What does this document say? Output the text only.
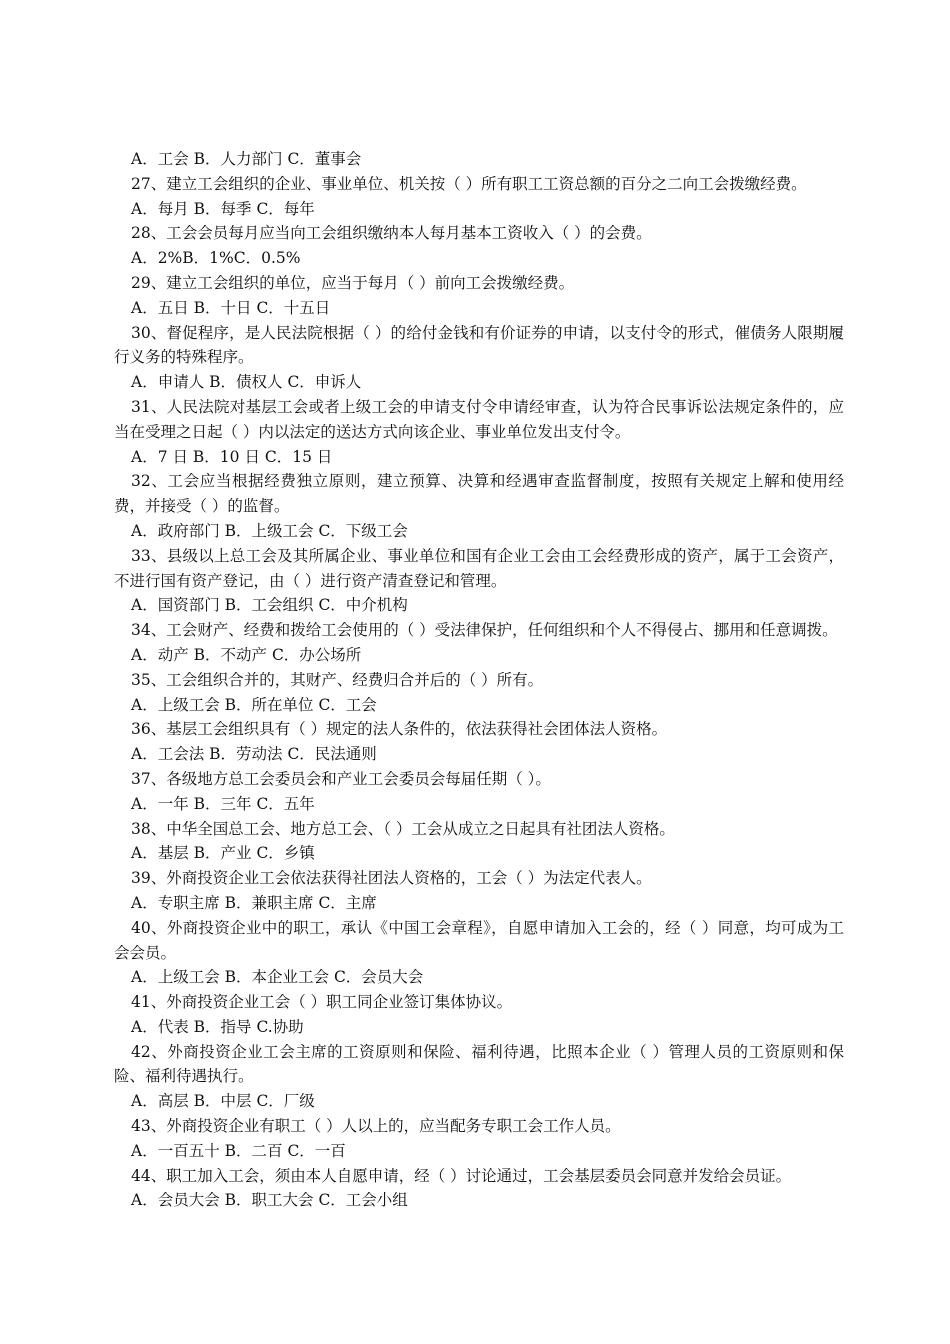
A．工会 B．人力部门 C．董事会
27、建立工会组织的企业、事业单位、机关按（ ）所有职工工资总额的百分之二向工会拨缴经费。
A．每月 B．每季 C．每年
28、工会会员每月应当向工会组织缴纳本人每月基本工资收入（ ）的会费。
A．2%B．1%C．0.5%
29、建立工会组织的单位，应当于每月（ ）前向工会拨缴经费。
A．五日 B．十日 C．十五日
30、督促程序，是人民法院根据（ ）的给付金钱和有价证券的申请，以支付令的形式，催债务人限期履行义务的特殊程序。
A．申请人 B．债权人 C．申诉人
31、人民法院对基层工会或者上级工会的申请支付令申请经审查，认为符合民事诉讼法规定条件的，应当在受理之日起（ ）内以法定的送达方式向该企业、事业单位发出支付令。
A．7 日 B．10 日 C．15 日
32、工会应当根据经费独立原则，建立预算、决算和经遇审查监督制度，按照有关规定上解和使用经费，并接受（ ）的监督。
A．政府部门 B．上级工会 C．下级工会
33、县级以上总工会及其所属企业、事业单位和国有企业工会由工会经费形成的资产，属于工会资产，不进行国有资产登记，由（ ）进行资产清查登记和管理。
A．国资部门 B．工会组织 C．中介机构
34、工会财产、经费和拨给工会使用的（ ）受法律保护，任何组织和个人不得侵占、挪用和任意调拨。
A．动产 B．不动产 C．办公场所
35、工会组织合并的，其财产、经费归合并后的（ ）所有。
A．上级工会 B．所在单位 C．工会
36、基层工会组织具有（ ）规定的法人条件的，依法获得社会团体法人资格。
A．工会法 B．劳动法 C．民法通则
37、各级地方总工会委员会和产业工会委员会每届任期（ ）。
A．一年 B．三年 C．五年
38、中华全国总工会、地方总工会、（ ）工会从成立之日起具有社团法人资格。
A．基层 B．产业 C．乡镇
39、外商投资企业工会依法获得社团法人资格的，工会（ ）为法定代表人。
A．专职主席 B．兼职主席 C．主席
40、外商投资企业中的职工，承认《中国工会章程》，自愿申请加入工会的，经（ ）同意，均可成为工会会员。
A．上级工会 B．本企业工会 C．会员大会
41、外商投资企业工会（ ）职工同企业签订集体协议。
A．代表 B．指导 C.协助
42、外商投资企业工会主席的工资原则和保险、福利待遇，比照本企业（ ）管理人员的工资原则和保险、福利待遇执行。
A．高层 B．中层 C．厂级
43、外商投资企业有职工（ ）人以上的，应当配务专职工会工作人员。
A．一百五十 B．二百 C．一百
44、职工加入工会，须由本人自愿申请，经（ ）讨论通过，工会基层委员会同意并发给会员证。
A．会员大会 B．职工大会 C．工会小组
